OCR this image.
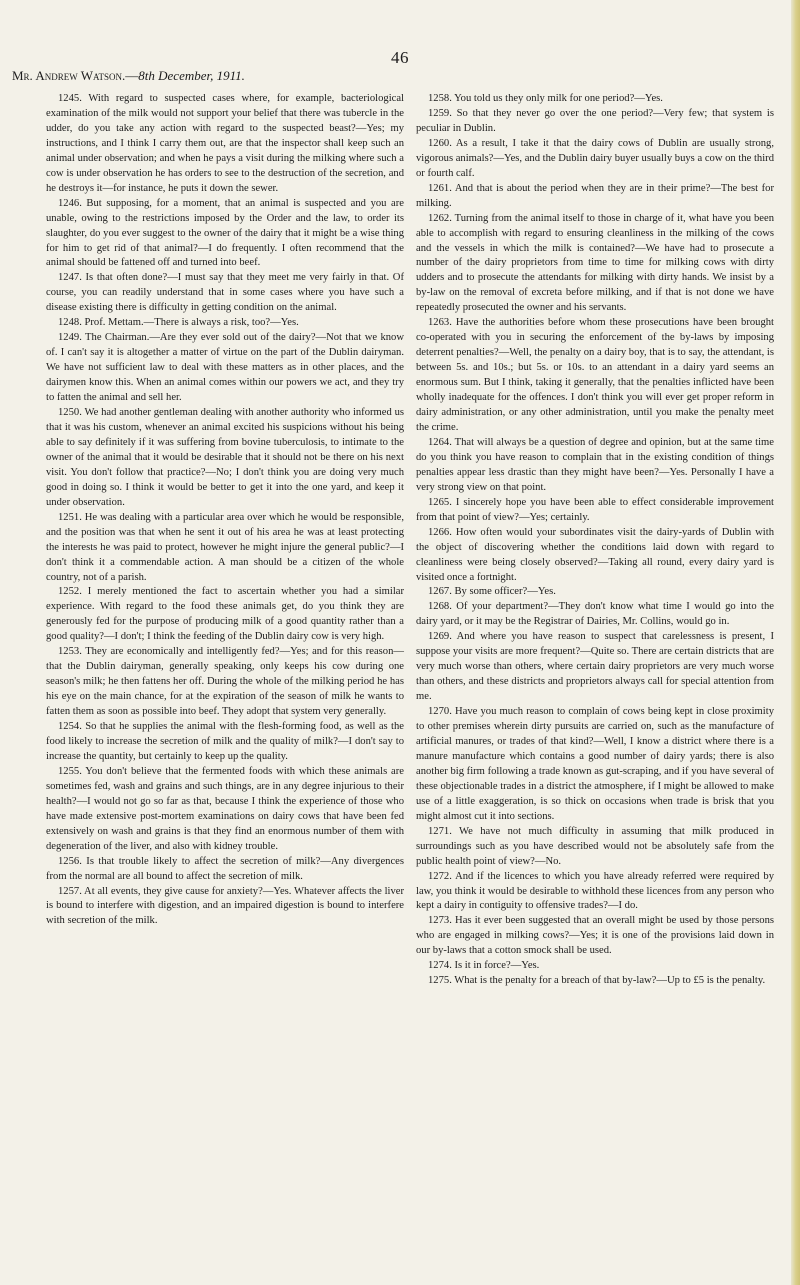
46
Mr. Andrew Watson.—8th December, 1911.

1245. With regard to suspected cases where, for example, bacteriological examination of the milk would not support your belief that there was tubercle in the udder, do you take any action with regard to the suspected beast?—Yes; my instructions, and I think I carry them out, are that the inspector shall keep such an animal under observation; and when he pays a visit during the milking where such a cow is under observation he has orders to see to the destruction of the secretion, and he destroys it—for instance, he puts it down the sewer.

1246. But supposing, for a moment, that an animal is suspected and you are unable, owing to the restrictions imposed by the Order and the law, to order its slaughter, do you ever suggest to the owner of the dairy that it might be a wise thing for him to get rid of that animal?—I do frequently. I often recommend that the animal should be fattened off and turned into beef.

1247. Is that often done?—I must say that they meet me very fairly in that. Of course, you can readily understand that in some cases where you have such a disease existing there is difficulty in getting condition on the animal.

1248. Prof. Mettam.—There is always a risk, too?—Yes.

1249. The Chairman.—Are they ever sold out of the dairy?—Not that we know of. I can't say it is altogether a matter of virtue on the part of the Dublin dairyman. We have not sufficient law to deal with these matters as in other places, and the dairymen know this. When an animal comes within our powers we act, and they try to fatten the animal and sell her.

1250. We had another gentleman dealing with another authority who informed us that it was his custom, whenever an animal excited his suspicions without his being able to say definitely if it was suffering from bovine tuberculosis, to intimate to the owner of the animal that it would be desirable that it should not be there on his next visit. You don't follow that practice?—No; I don't think you are doing very much good in doing so. I think it would be better to get it into the one yard, and keep it under observation.

1251. He was dealing with a particular area over which he would be responsible, and the position was that when he sent it out of his area he was at least protecting the interests he was paid to protect, however he might injure the general public?—I don't think it a commendable action. A man should be a citizen of the whole country, not of a parish.

1252. I merely mentioned the fact to ascertain whether you had a similar experience. With regard to the food these animals get, do you think they are generously fed for the purpose of producing milk of a good quantity rather than a good quality?—I don't; I think the feeding of the Dublin dairy cow is very high.

1253. They are economically and intelligently fed?—Yes; and for this reason—that the Dublin dairyman, generally speaking, only keeps his cow during one season's milk; he then fattens her off. During the whole of the milking period he has his eye on the main chance, for at the expiration of the season of milk he wants to fatten them as soon as possible into beef. They adopt that system very generally.

1254. So that he supplies the animal with the flesh-forming food, as well as the food likely to increase the secretion of milk and the quality of milk?—I don't say to increase the quantity, but certainly to keep up the quality.

1255. You don't believe that the fermented foods with which these animals are sometimes fed, wash and grains and such things, are in any degree injurious to their health?—I would not go so far as that, because I think the experience of those who have made extensive post-mortem examinations on dairy cows that have been fed extensively on wash and grains is that they find an enormous number of them with degeneration of the liver, and also with kidney trouble.

1256. Is that trouble likely to affect the secretion of milk?—Any divergences from the normal are all bound to affect the secretion of milk.

1257. At all events, they give cause for anxiety?—Yes. Whatever affects the liver is bound to interfere with digestion, and an impaired digestion is bound to interfere with secretion of the milk.

1258. You told us they only milk for one period?—Yes.

1259. So that they never go over the one period?—Very few; that system is peculiar in Dublin.

1260. As a result, I take it that the dairy cows of Dublin are usually strong, vigorous animals?—Yes, and the Dublin dairy buyer usually buys a cow on the third or fourth calf.

1261. And that is about the period when they are in their prime?—The best for milking.

1262. Turning from the animal itself to those in charge of it, what have you been able to accomplish with regard to ensuring cleanliness in the milking of the cows and the vessels in which the milk is contained?—We have had to prosecute a number of the dairy proprietors from time to time for milking cows with dirty udders and to prosecute the attendants for milking with dirty hands. We insist by a by-law on the removal of excreta before milking, and if that is not done we have repeatedly prosecuted the owner and his servants.

1263. Have the authorities before whom these prosecutions have been brought co-operated with you in securing the enforcement of the by-laws by imposing deterrent penalties?—Well, the penalty on a dairy boy, that is to say, the attendant, is between 5s. and 10s.; but 5s. or 10s. to an attendant in a dairy yard seems an enormous sum. But I think, taking it generally, that the penalties inflicted have been wholly inadequate for the offences. I don't think you will ever get proper reform in dairy administration, or any other administration, until you make the penalty meet the crime.

1264. That will always be a question of degree and opinion, but at the same time do you think you have reason to complain that in the existing condition of things penalties appear less drastic than they might have been?—Yes. Personally I have a very strong view on that point.

1265. I sincerely hope you have been able to effect considerable improvement from that point of view?—Yes; certainly.

1266. How often would your subordinates visit the dairy-yards of Dublin with the object of discovering whether the conditions laid down with regard to cleanliness were being closely observed?—Taking all round, every dairy yard is visited once a fortnight.

1267. By some officer?—Yes.

1268. Of your department?—They don't know what time I would go into the dairy yard, or it may be the Registrar of Dairies, Mr. Collins, would go in.

1269. And where you have reason to suspect that carelessness is present, I suppose your visits are more frequent?—Quite so. There are certain districts that are very much worse than others, where certain dairy proprietors are very much worse than others, and these districts and proprietors always call for special attention from me.

1270. Have you much reason to complain of cows being kept in close proximity to other premises wherein dirty pursuits are carried on, such as the manufacture of artificial manures, or trades of that kind?—Well, I know a district where there is a manure manufacture which contains a good number of dairy yards; there is also another big firm following a trade known as gut-scraping, and if you have several of these objectionable trades in a district the atmosphere, if I might be allowed to make use of a little exaggeration, is so thick on occasions when trade is brisk that you might almost cut it into sections.

1271. We have not much difficulty in assuming that milk produced in surroundings such as you have described would not be absolutely safe from the public health point of view?—No.

1272. And if the licences to which you have already referred were required by law, you think it would be desirable to withhold these licences from any person who kept a dairy in contiguity to offensive trades?—I do.

1273. Has it ever been suggested that an overall might be used by those persons who are engaged in milking cows?—Yes; it is one of the provisions laid down in our by-laws that a cotton smock shall be used.

1274. Is it in force?—Yes.

1275. What is the penalty for a breach of that by-law?—Up to £5 is the penalty.
